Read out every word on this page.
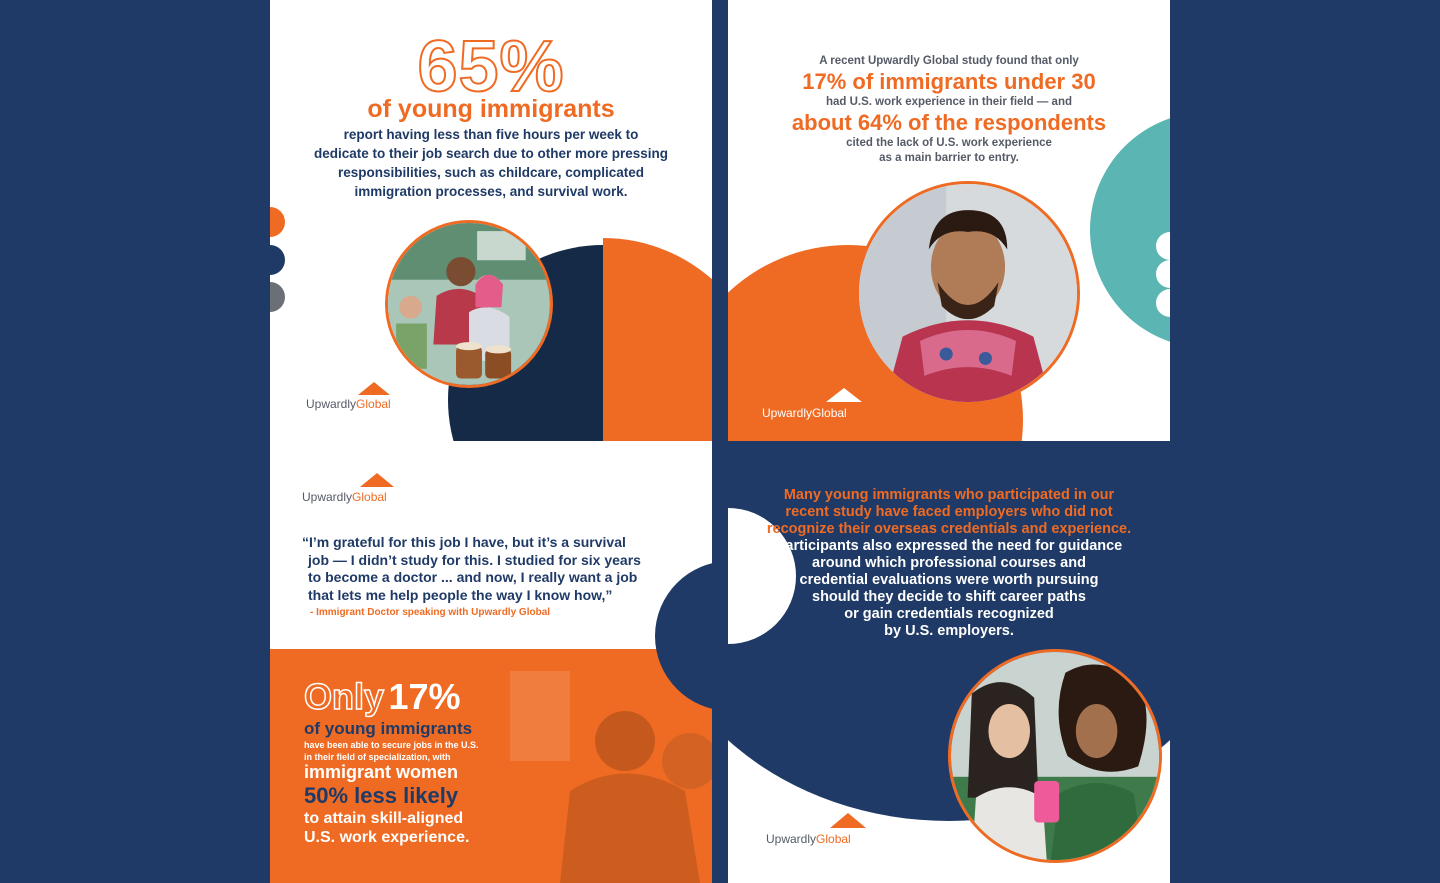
65%
of young immigrants
report having less than five hours per week to
dedicate to their job search due to other more pressing
responsibilities, such as childcare, complicated
immigration processes, and survival work.
UpwardlyGlobal
A recent Upwardly Global study found that only
17% of immigrants under 30
had U.S. work experience in their field — and
about 64% of the respondents
cited the lack of U.S. work experience
as a main barrier to entry.
UpwardlyGlobal
UpwardlyGlobal
“I’m grateful for this job I have, but it’s a survival
job — I didn’t study for this. I studied for six years
to become a doctor ... and now, I really want a job
that lets me help people the way I know how,”
- Immigrant Doctor speaking with Upwardly Global
Only 17%
of young immigrants
have been able to secure jobs in the U.S.
in their field of specialization, with
immigrant women
50% less likely
to attain skill-aligned
U.S. work experience.
Many young immigrants who participated in our
recent study have faced employers who did not
recognize their overseas credentials and experience.
Participants also expressed the need for guidance
around which professional courses and
credential evaluations were worth pursuing
should they decide to shift career paths
or gain credentials recognized
by U.S. employers.
UpwardlyGlobal
